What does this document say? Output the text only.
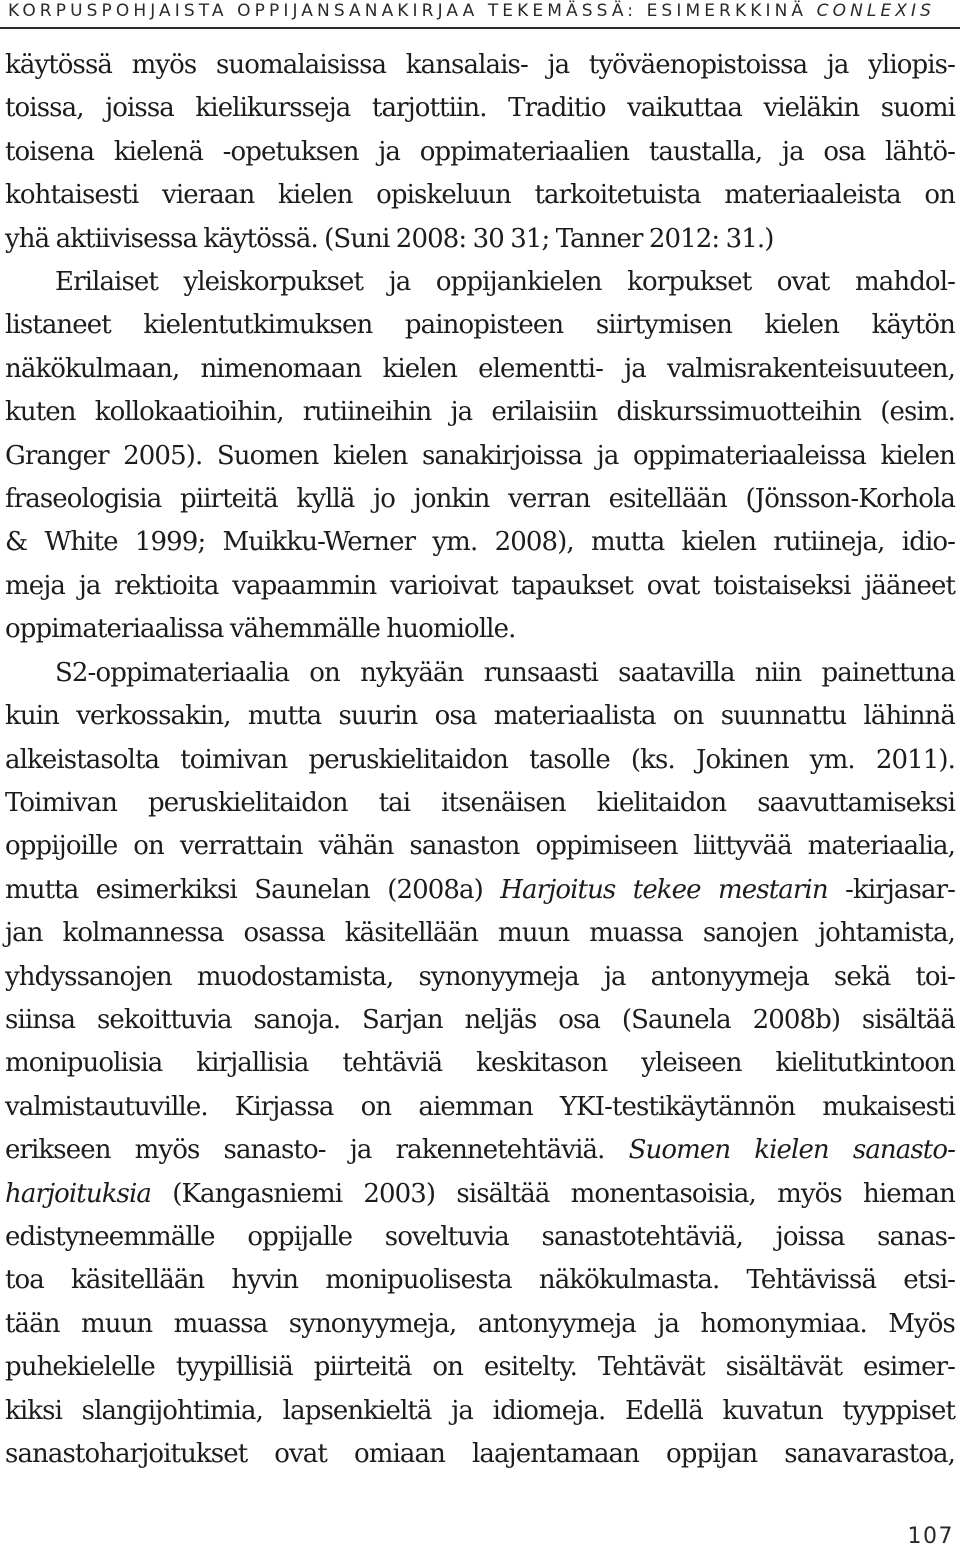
KORPUSPOHJAISTA OPPIJANSANAKIRJAA TEKEMÄSSÄ: ESIMERKKINÄ CONLEXIS
käytössä myös suomalaisissa kansalais- ja työväenopistoissa ja yliopis-
toissa, joissa kielikursseja tarjottiin. Traditio vaikuttaa vieläkin suomi
toisena kielenä -opetuksen ja oppimateriaalien taustalla, ja osa lähtö-
kohtaisesti vieraan kielen opiskeluun tarkoitetuista materiaaleista on
yhä aktiivisessa käytössä. (Suni 2008: 30 31; Tanner 2012: 31.)
Erilaiset yleiskorpukset ja oppijankielen korpukset ovat mahdol-
listaneet kielentutkimuksen painopisteen siirtymisen kielen käytön
näkökulmaan, nimenomaan kielen elementti- ja valmisrakenteisuuteen,
kuten kollokaatioihin, rutiineihin ja erilaisiin diskurssimuotteihin (esim.
Granger 2005). Suomen kielen sanakirjoissa ja oppimateriaaleissa kielen
fraseologisia piirteitä kyllä jo jonkin verran esitellään (Jönsson-Korhola
& White 1999; Muikku-Werner ym. 2008), mutta kielen rutiineja, idio-
meja ja rektioita vapaammin varioivat tapaukset ovat toistaiseksi jääneet
oppimateriaalissa vähemmälle huomiolle.
S2-oppimateriaalia on nykyään runsaasti saatavilla niin painettuna
kuin verkossakin, mutta suurin osa materiaalista on suunnattu lähinnä
alkeistasolta toimivan peruskielitaidon tasolle (ks. Jokinen ym. 2011).
Toimivan peruskielitaidon tai itsenäisen kielitaidon saavuttamiseksi
oppijoille on verrattain vähän sanaston oppimiseen liittyvää materiaalia,
mutta esimerkiksi Saunelan (2008a) Harjoitus tekee mestarin -kirjasar-
jan kolmannessa osassa käsitellään muun muassa sanojen johtamista,
yhdyssanojen muodostamista, synonyymeja ja antonyymeja sekä toi-
siinsa sekoittuvia sanoja. Sarjan neljäs osa (Saunela 2008b) sisältää
monipuolisia kirjallisia tehtäviä keskitason yleiseen kielitutkintoon
valmistautuville. Kirjassa on aiemman YKI-testikäytännön mukaisesti
erikseen myös sanasto- ja rakennetehtäviä. Suomen kielen sanasto-
harjoituksia (Kangasniemi 2003) sisältää monentasoisia, myös hieman
edistyneemmälle oppijalle soveltuvia sanastotehtäviä, joissa sanas-
toa käsitellään hyvin monipuolisesta näkökulmasta. Tehtävissä etsi-
tään muun muassa synonyymeja, antonyymeja ja homonymiaa. Myös
puhekielelle tyypillisiä piirteitä on esitelty. Tehtävät sisältävät esimer-
kiksi slangijohtimia, lapsenkieltä ja idiomeja. Edellä kuvatun tyyppiset
sanastoharjoitukset ovat omiaan laajentamaan oppijan sanavarastoa,
107
